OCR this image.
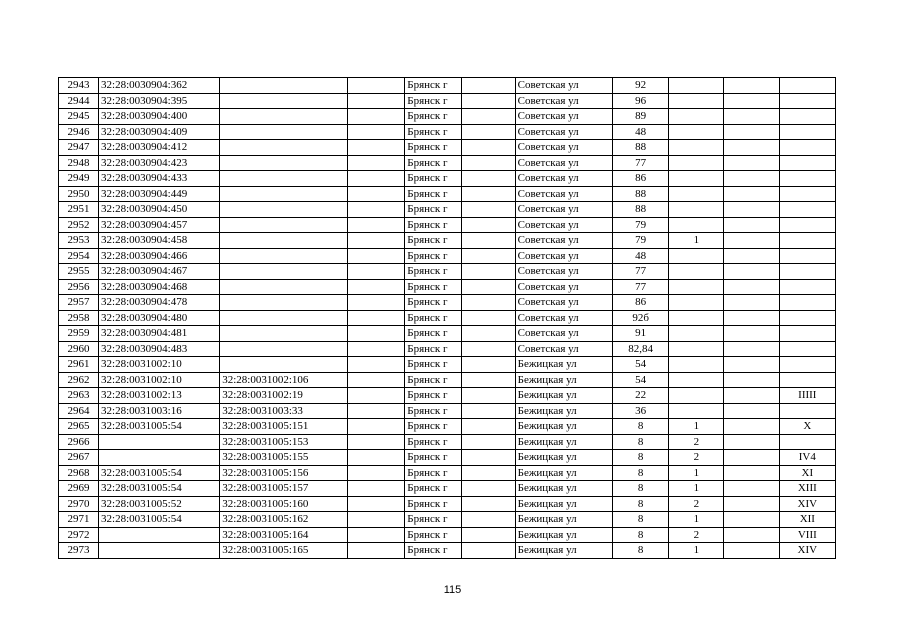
2943	32:28:0030904:362			Брянск г		Советская ул	92			
2944	32:28:0030904:395			Брянск г		Советская ул	96			
2945	32:28:0030904:400			Брянск г		Советская ул	89			
2946	32:28:0030904:409			Брянск г		Советская ул	48			
2947	32:28:0030904:412			Брянск г		Советская ул	88			
2948	32:28:0030904:423			Брянск г		Советская ул	77			
2949	32:28:0030904:433			Брянск г		Советская ул	86			
2950	32:28:0030904:449			Брянск г		Советская ул	88			
2951	32:28:0030904:450			Брянск г		Советская ул	88			
2952	32:28:0030904:457			Брянск г		Советская ул	79			
2953	32:28:0030904:458			Брянск г		Советская ул	79	1		
2954	32:28:0030904:466			Брянск г		Советская ул	48			
2955	32:28:0030904:467			Брянск г		Советская ул	77			
2956	32:28:0030904:468			Брянск г		Советская ул	77			
2957	32:28:0030904:478			Брянск г		Советская ул	86			
2958	32:28:0030904:480			Брянск г		Советская ул	92б			
2959	32:28:0030904:481			Брянск г		Советская ул	91			
2960	32:28:0030904:483			Брянск г		Советская ул	82,84			
2961	32:28:0031002:10			Брянск г		Бежицкая ул	54			
2962	32:28:0031002:10	32:28:0031002:106		Брянск г		Бежицкая ул	54			
2963	32:28:0031002:13	32:28:0031002:19		Брянск г		Бежицкая ул	22			IIIII
2964	32:28:0031003:16	32:28:0031003:33		Брянск г		Бежицкая ул	36			
2965	32:28:0031005:54	32:28:0031005:151		Брянск г		Бежицкая ул	8	1		X
2966		32:28:0031005:153		Брянск г		Бежицкая ул	8	2		
2967		32:28:0031005:155		Брянск г		Бежицкая ул	8	2		IV4
2968	32:28:0031005:54	32:28:0031005:156		Брянск г		Бежицкая ул	8	1		XI
2969	32:28:0031005:54	32:28:0031005:157		Брянск г		Бежицкая ул	8	1		XIII
2970	32:28:0031005:52	32:28:0031005:160		Брянск г		Бежицкая ул	8	2		XIV
2971	32:28:0031005:54	32:28:0031005:162		Брянск г		Бежицкая ул	8	1		XII
2972		32:28:0031005:164		Брянск г		Бежицкая ул	8	2		VIII
2973		32:28:0031005:165		Брянск г		Бежицкая ул	8	1		XIV
115
